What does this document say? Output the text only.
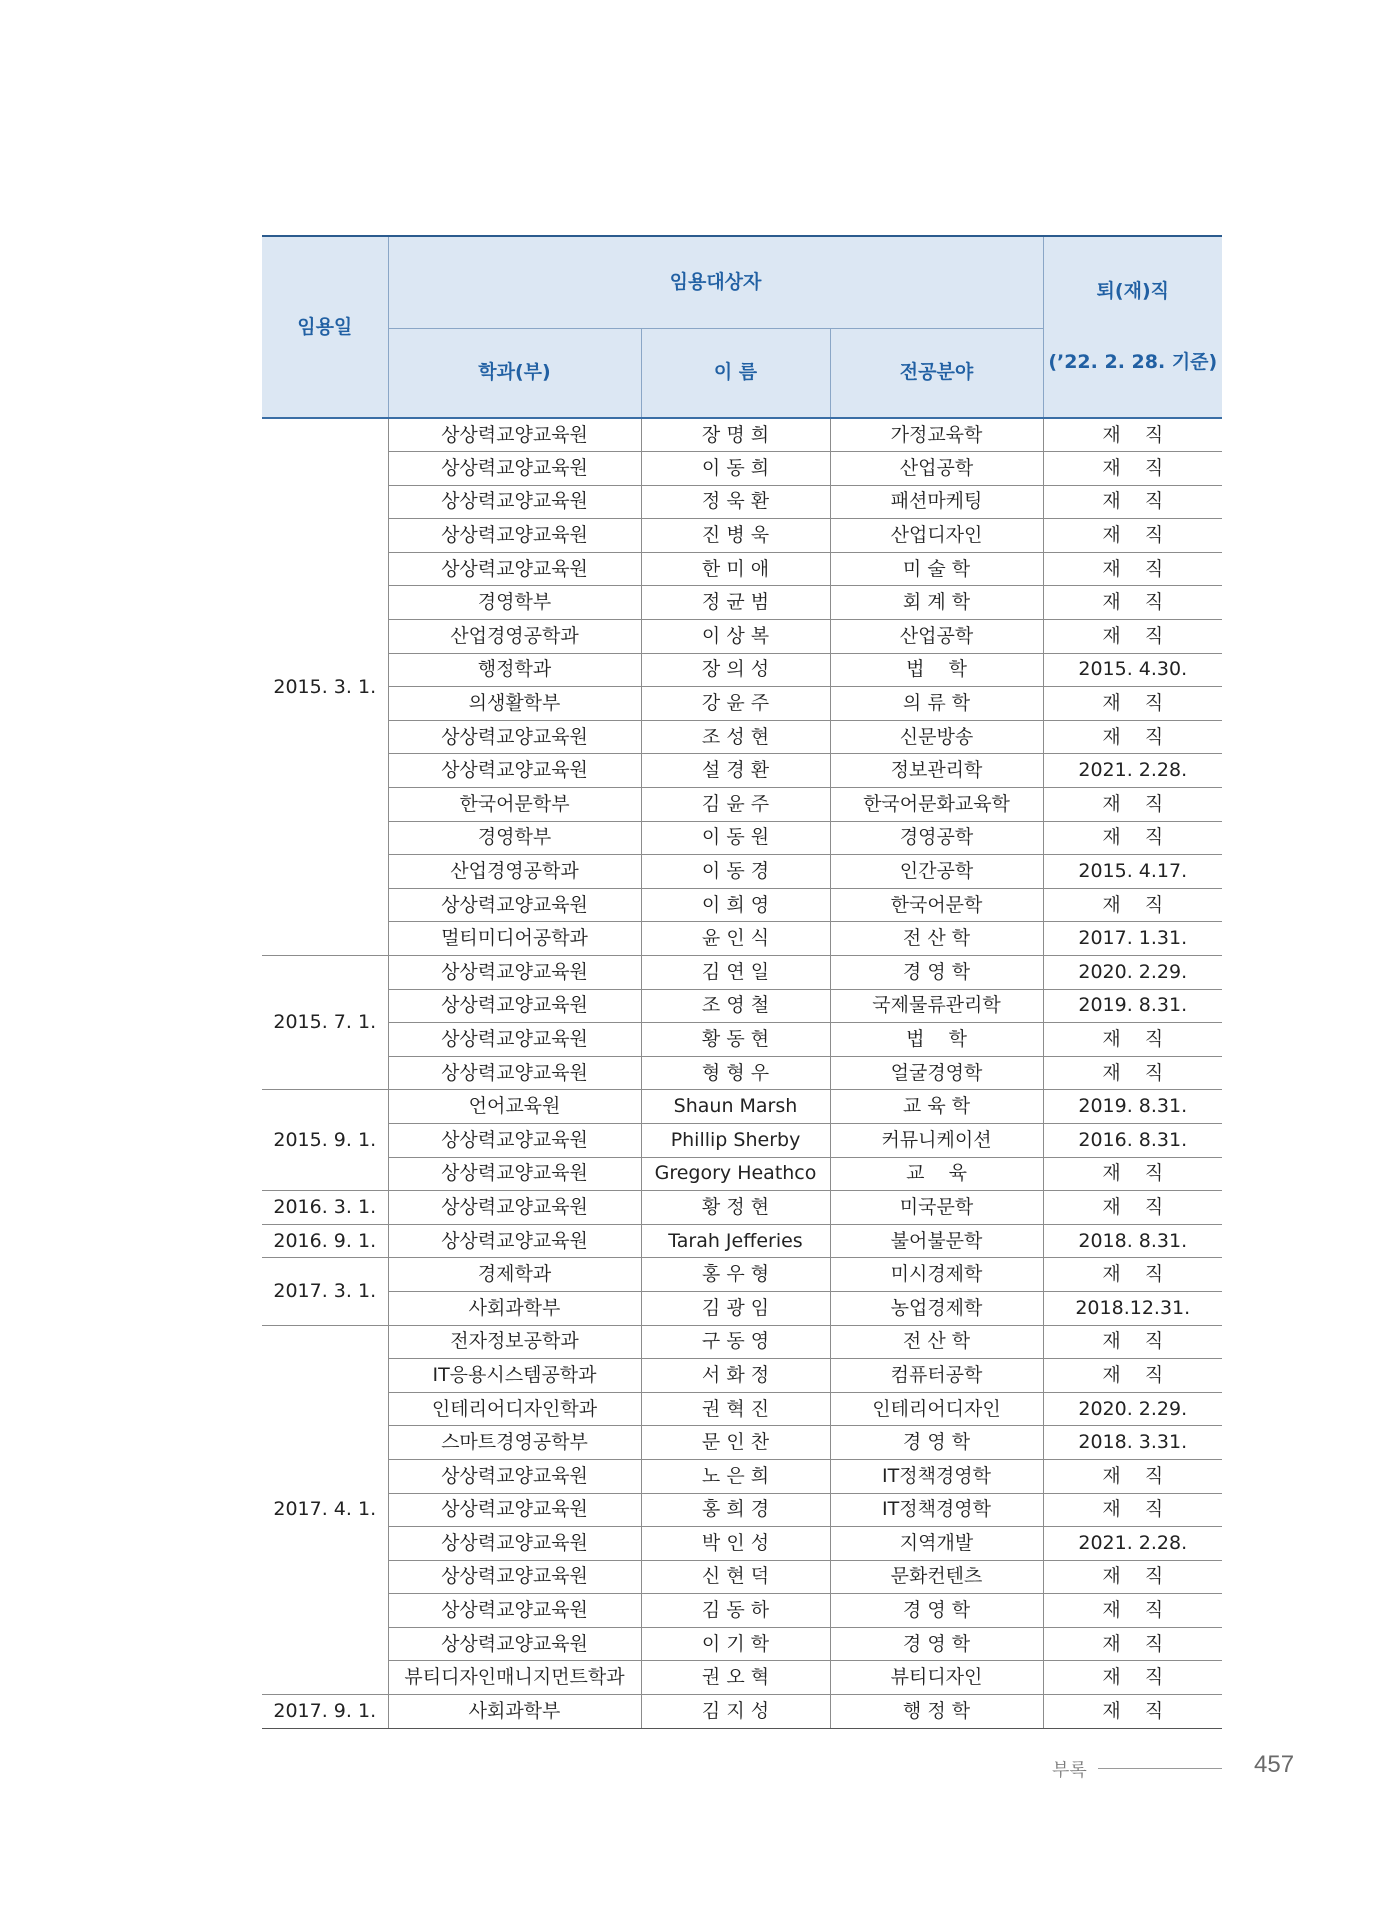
임용일	임용대상자			퇴(재)직

(’22. 2. 28. 기준)

	학과(부)	이 름	전공분야	
2015. 3. 1.	상상력교양교육원	장 명 희	가정교육학	재    직
	상상력교양교육원	이 동 희	산업공학	재    직
	상상력교양교육원	정 욱 환	패션마케팅	재    직
	상상력교양교육원	진 병 욱	산업디자인	재    직
	상상력교양교육원	한 미 애	미 술 학	재    직
	경영학부	정 균 범	회 계 학	재    직
	산업경영공학과	이 상 복	산업공학	재    직
	행정학과	장 의 성	법    학	2015. 4.30.
	의생활학부	강 윤 주	의 류 학	재    직
	상상력교양교육원	조 성 현	신문방송	재    직
	상상력교양교육원	설 경 환	정보관리학	2021. 2.28.
	한국어문학부	김 윤 주	한국어문화교육학	재    직
	경영학부	이 동 원	경영공학	재    직
	산업경영공학과	이 동 경	인간공학	2015. 4.17.
	상상력교양교육원	이 희 영	한국어문학	재    직
	멀티미디어공학과	윤 인 식	전 산 학	2017. 1.31.
2015. 7. 1.	상상력교양교육원	김 연 일	경 영 학	2020. 2.29.
	상상력교양교육원	조 영 철	국제물류관리학	2019. 8.31.
	상상력교양교육원	황 동 현	법    학	재    직
	상상력교양교육원	형 형 우	얼굴경영학	재    직
2015. 9. 1.	언어교육원	Shaun Marsh	교 육 학	2019. 8.31.
	상상력교양교육원	Phillip Sherby	커뮤니케이션	2016. 8.31.
	상상력교양교육원	Gregory Heathco	교    육	재    직
2016. 3. 1.	상상력교양교육원	황 정 현	미국문학	재    직
2016. 9. 1.	상상력교양교육원	Tarah Jefferies	불어불문학	2018. 8.31.
2017. 3. 1.	경제학과	홍 우 형	미시경제학	재    직
	사회과학부	김 광 임	농업경제학	2018.12.31.
2017. 4. 1.	전자정보공학과	구 동 영	전 산 학	재    직
	IT응용시스템공학과	서 화 정	컴퓨터공학	재    직
	인테리어디자인학과	권 혁 진	인테리어디자인	2020. 2.29.
	스마트경영공학부	문 인 찬	경 영 학	2018. 3.31.
	상상력교양교육원	노 은 희	IT정책경영학	재    직
	상상력교양교육원	홍 희 경	IT정책경영학	재    직
	상상력교양교육원	박 인 성	지역개발	2021. 2.28.
	상상력교양교육원	신 현 덕	문화컨텐츠	재    직
	상상력교양교육원	김 동 하	경 영 학	재    직
	상상력교양교육원	이 기 학	경 영 학	재    직
	뷰티디자인매니지먼트학과	권 오 혁	뷰티디자인	재    직
2017. 9. 1.	사회과학부	김 지 성	행 정 학	재    직
부록	457
